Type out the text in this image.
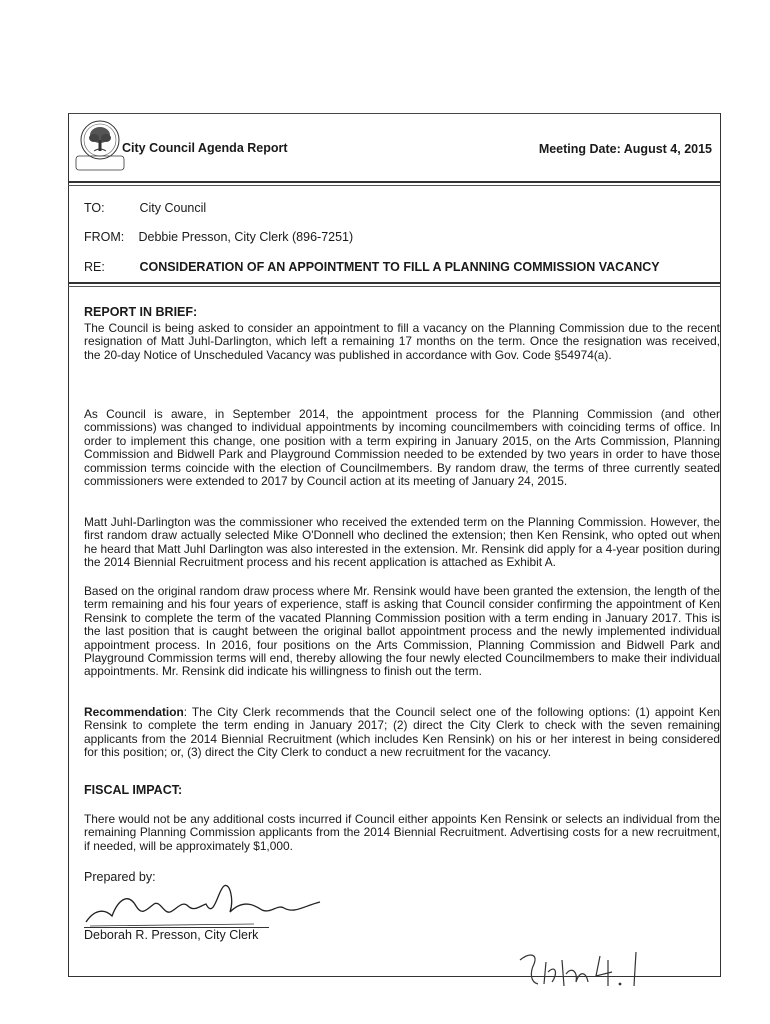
City Council Agenda Report	Meeting Date: August 4, 2015
TO:	City Council
FROM: Debbie Presson, City Clerk (896-7251)
RE:	CONSIDERATION OF AN APPOINTMENT TO FILL A PLANNING COMMISSION VACANCY
REPORT IN BRIEF:

The Council is being asked to consider an appointment to fill a vacancy on the Planning Commission due to the recent resignation of Matt Juhl-Darlington, which left a remaining 17 months on the term. Once the resignation was received, the 20-day Notice of Unscheduled Vacancy was published in accordance with Gov. Code §54974(a).

As Council is aware, in September 2014, the appointment process for the Planning Commission (and other commissions) was changed to individual appointments by incoming councilmembers with coinciding terms of office. In order to implement this change, one position with a term expiring in January 2015, on the Arts Commission, Planning Commission and Bidwell Park and Playground Commission needed to be extended by two years in order to have those commission terms coincide with the election of Councilmembers. By random draw, the terms of three currently seated commissioners were extended to 2017 by Council action at its meeting of January 24, 2015.

Matt Juhl-Darlington was the commissioner who received the extended term on the Planning Commission. However, the first random draw actually selected Mike O'Donnell who declined the extension; then Ken Rensink, who opted out when he heard that Matt Juhl Darlington was also interested in the extension. Mr. Rensink did apply for a 4-year position during the 2014 Biennial Recruitment process and his recent application is attached as Exhibit A.

Based on the original random draw process where Mr. Rensink would have been granted the extension, the length of the term remaining and his four years of experience, staff is asking that Council consider confirming the appointment of Ken Rensink to complete the term of the vacated Planning Commission position with a term ending in January 2017. This is the last position that is caught between the original ballot appointment process and the newly implemented individual appointment process. In 2016, four positions on the Arts Commission, Planning Commission and Bidwell Park and Playground Commission terms will end, thereby allowing the four newly elected Councilmembers to make their individual appointments. Mr. Rensink did indicate his willingness to finish out the term.

Recommendation: The City Clerk recommends that the Council select one of the following options: (1) appoint Ken Rensink to complete the term ending in January 2017; (2) direct the City Clerk to check with the seven remaining applicants from the 2014 Biennial Recruitment (which includes Ken Rensink) on his or her interest in being considered for this position; or, (3) direct the City Clerk to conduct a new recruitment for the vacancy.

FISCAL IMPACT:

There would not be any additional costs incurred if Council either appoints Ken Rensink or selects an individual from the remaining Planning Commission applicants from the 2014 Biennial Recruitment. Advertising costs for a new recruitment, if needed, will be approximately $1,000.

Prepared by:
Deborah R. Presson, City Clerk
